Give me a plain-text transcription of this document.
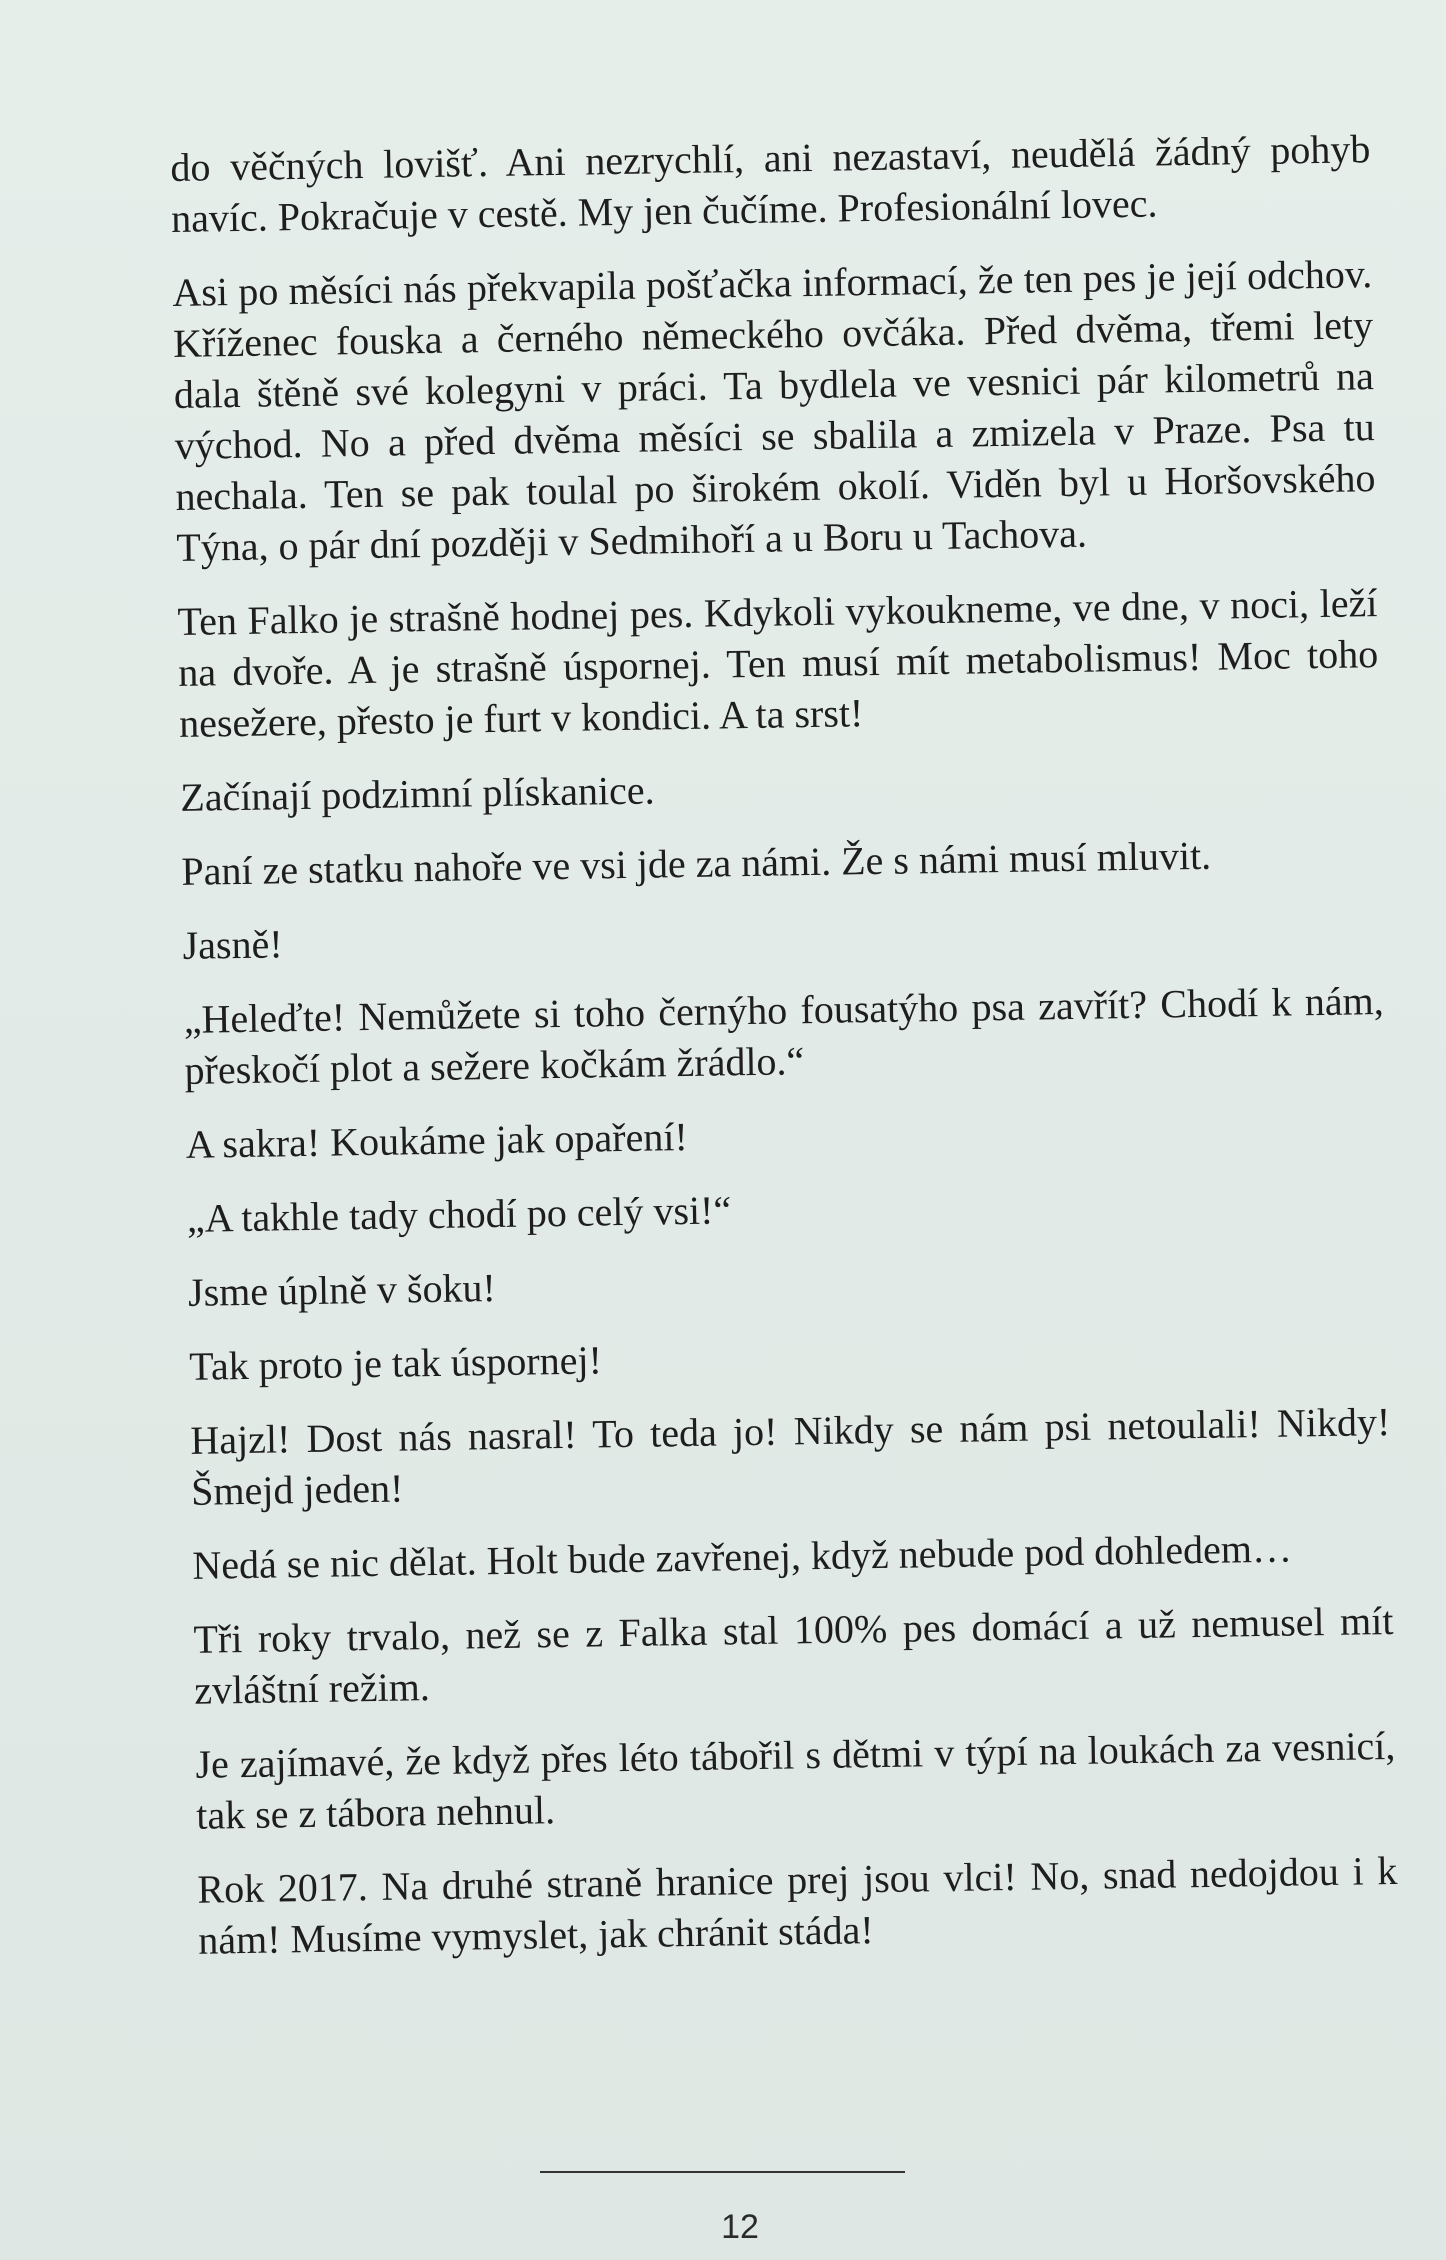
do věčných lovišť. Ani nezrychlí, ani nezastaví, neudělá žádný pohyb navíc. Pokračuje v cestě. My jen čučíme. Profesionální lovec.

Asi po měsíci nás překvapila pošťačka informací, že ten pes je její odchov. Kříženec fouska a černého německého ovčáka. Před dvěma, třemi lety dala štěně své kolegyni v práci. Ta bydlela ve vesnici pár kilometrů na východ. No a před dvěma měsíci se sbalila a zmizela v Praze. Psa tu nechala. Ten se pak toulal po širokém okolí. Viděn byl u Horšovského Týna, o pár dní později v Sedmihoří a u Boru u Tachova.

Ten Falko je strašně hodnej pes. Kdykoli vykoukneme, ve dne, v noci, leží na dvoře. A je strašně úspornej. Ten musí mít metabolismus! Moc toho nesežere, přesto je furt v kondici. A ta srst!

Začínají podzimní plískanice.

Paní ze statku nahoře ve vsi jde za námi. Že s námi musí mluvit.

Jasně!

„Heleďte! Nemůžete si toho černýho fousatýho psa zavřít? Chodí k nám, přeskočí plot a sežere kočkám žrádlo.“

A sakra! Koukáme jak opaření!

„A takhle tady chodí po celý vsi!“

Jsme úplně v šoku!

Tak proto je tak úspornej!

Hajzl! Dost nás nasral! To teda jo! Nikdy se nám psi netoulali! Nikdy! Šmejd jeden!

Nedá se nic dělat. Holt bude zavřenej, když nebude pod dohledem…

Tři roky trvalo, než se z Falka stal 100% pes domácí a už nemusel mít zvláštní režim.

Je zajímavé, že když přes léto tábořil s dětmi v týpí na loukách za vesnicí, tak se z tábora nehnul.

Rok 2017. Na druhé straně hranice prej jsou vlci! No, snad nedojdou i k nám! Musíme vymyslet, jak chránit stáda!

12
